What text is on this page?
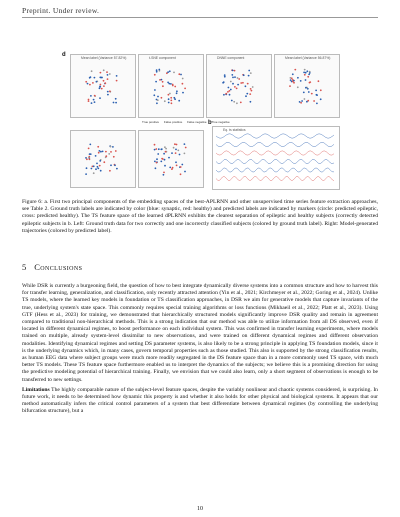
Preprint. Under review.
d
b
Mean label (Variance 57.82%)	t-SNE component	DNNE component	Mean label (Variance 56.87%)
True positive False positive False negative True negative
Eq. ts statistics
Figure 6: a. First two principal components of the embedding spaces of the best-APLRNN and other unsupervised time series feature extraction approaches, see Table 2. Ground truth labels are indicated by color (blue: synaptic, red: healthy) and predicted labels are indicated by markers (circle: predicted epileptic, cross: predicted healthy). The TS feature space of the learned dPLRNN exhibits the clearest separation of epileptic and healthy subjects (correctly detected epileptic subjects in b. Left: Ground truth data for two correctly and one incorrectly classified subjects (colored by ground truth label). Right: Model-generated trajectories (colored by predicted label).
5 Conclusions

While DSR is currently a burgeoning field, the question of how to best integrate dynamically diverse systems into a common structure and how to harvest this for transfer learning, generalization, and classification, only recently attracted attention (Yin et al., 2021; Kirchmeyer et al., 2022; Goring et al., 2024). Unlike TS models, where the learned key models in foundation or TS classification approaches, in DSR we aim for generative models that capture invariants of the true, underlying system's state space. This commonly requires special training algorithms or loss functions (Mikhaeil et al., 2022; Platt et al., 2023). Using GTF (Hess et al., 2023) for training, we demonstrated that hierarchically structured models significantly improve DSR quality and remain in agreement compared to traditional non-hierarchical methods. This is a strong indication that our method was able to utilize information from all DS observed, even if located in different dynamical regimes, to boost performance on each individual system. This was confirmed in transfer learning experiments, where models trained on multiple, already system-level dissimilar to new observations, and were trained on different dynamical regimes and different observation modalities. Identifying dynamical regimes and setting DS parameter systems, is also likely to be a strong principle in applying TS foundation models, since it is the underlying dynamics which, in many cases, govern temporal properties such as those studied. This also is supported by the strong classification results, as human EEG data where subject groups were much more readily segregated in the DS feature space than in a more commonly used TS space, with much better TS models. These TS feature space furthermore enabled us to interpret the dynamics of the subjects; we believe this is a promising direction for using the predictive modeling potential of hierarchical training. Finally, we envision that we could also learn, only a short segment of observations is enough to be transferred to new settings.

Limitations The highly comparable nature of the subject-level feature spaces, despite the variably nonlinear and chaotic systems considered, is surprising. In future work, it needs to be determined how dynamic this property is and whether it also holds for other physical and biological systems. It appears that our method automatically infers the critical control parameters of a system that best differentiate between dynamical regimes (by controlling the underlying bifurcation structure), but a

10
